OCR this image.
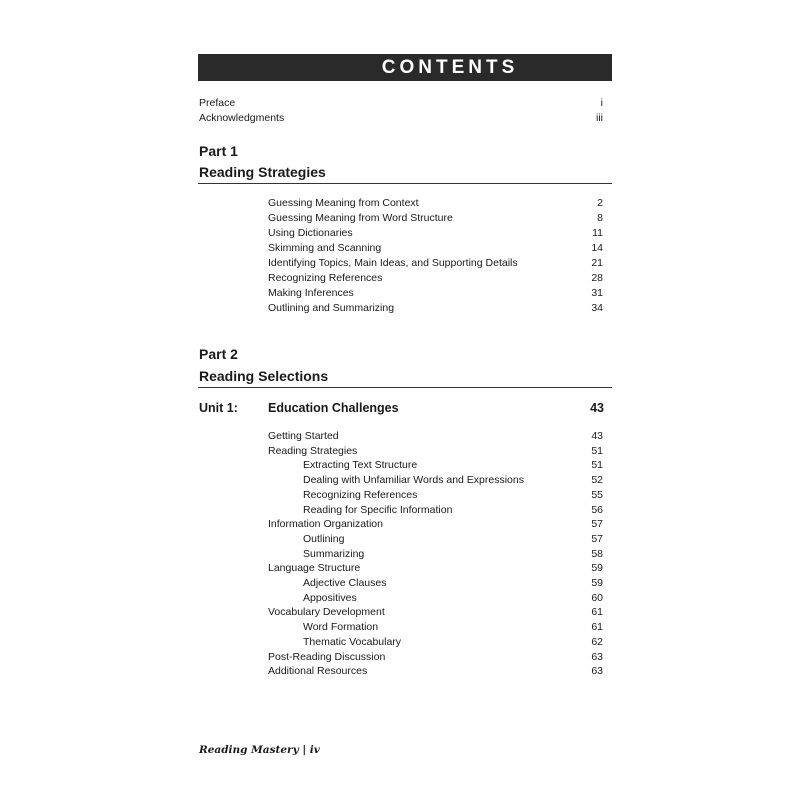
CONTENTS
Preface	i
Acknowledgments	iii
Part 1
Reading Strategies
Guessing Meaning from Context	2
Guessing Meaning from Word Structure	8
Using Dictionaries	11
Skimming and Scanning	14
Identifying Topics, Main Ideas, and Supporting Details	21
Recognizing References	28
Making Inferences	31
Outlining and Summarizing	34
Part 2
Reading Selections
Unit 1: Education Challenges	43
Getting Started	43
Reading Strategies	51
Extracting Text Structure	51
Dealing with Unfamiliar Words and Expressions	52
Recognizing References	55
Reading for Specific Information	56
Information Organization	57
Outlining	57
Summarizing	58
Language Structure	59
Adjective Clauses	59
Appositives	60
Vocabulary Development	61
Word Formation	61
Thematic Vocabulary	62
Post-Reading Discussion	63
Additional Resources	63
Reading Mastery | iv
